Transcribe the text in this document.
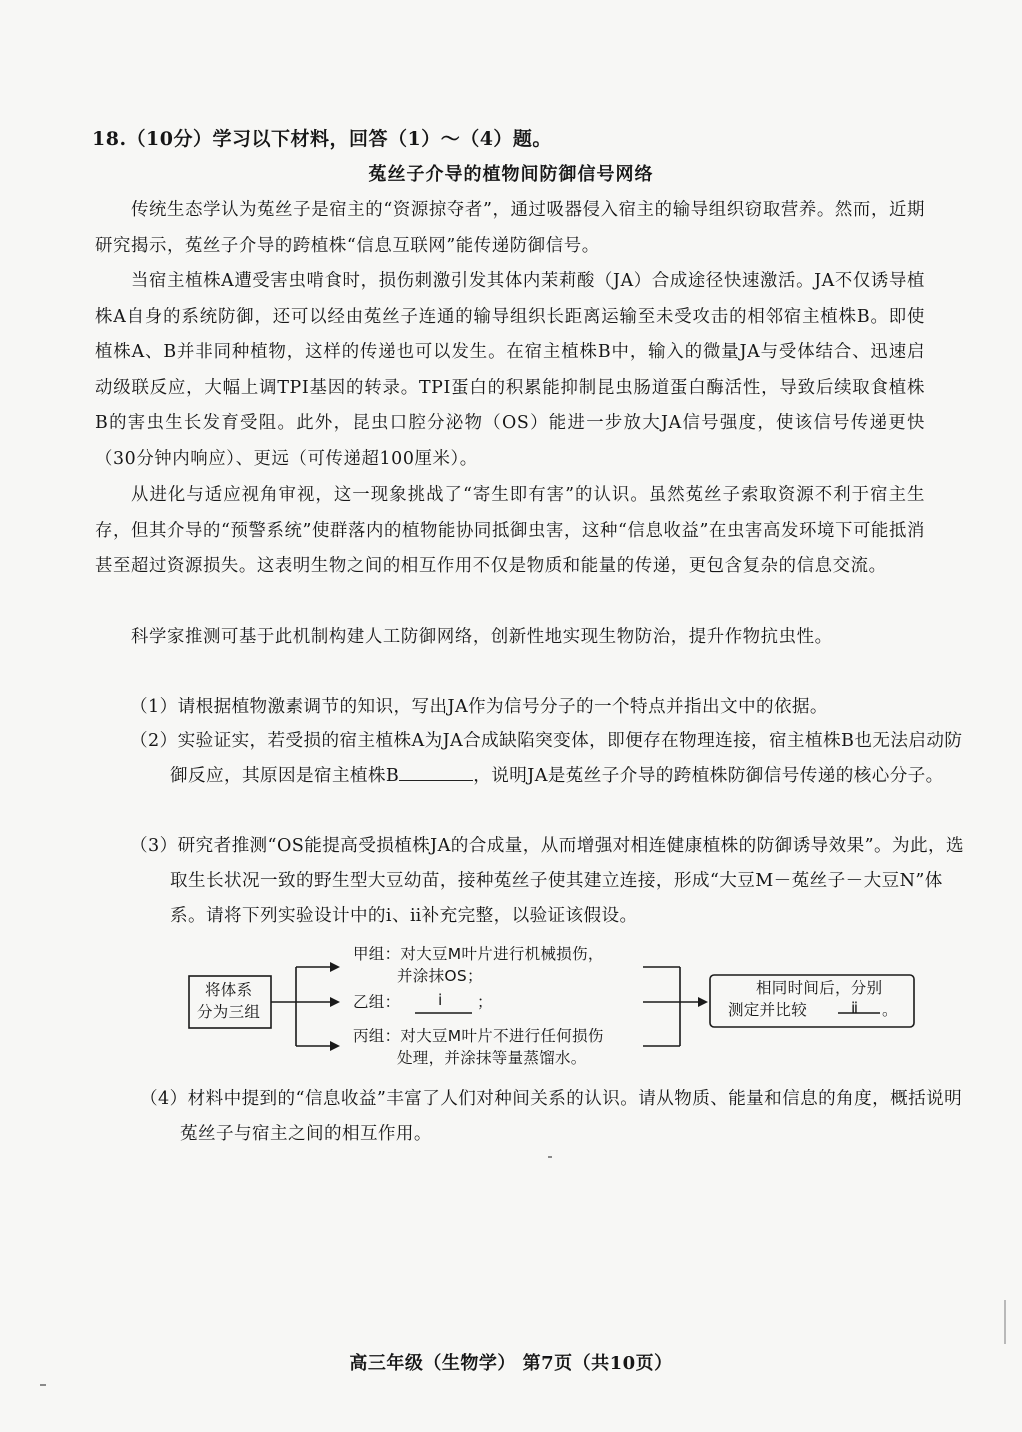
18.（10分）学习以下材料，回答（1）～（4）题。
菟丝子介导的植物间防御信号网络
传统生态学认为菟丝子是宿主的“资源掠夺者”，通过吸器侵入宿主的输导组织窃取营养。然而，近期研究揭示，菟丝子介导的跨植株“信息互联网”能传递防御信号。
当宿主植株A遭受害虫啃食时，损伤刺激引发其体内茉莉酸（JA）合成途径快速激活。JA不仅诱导植株A自身的系统防御，还可以经由菟丝子连通的输导组织长距离运输至未受攻击的相邻宿主植株B。即使植株A、B并非同种植物，这样的传递也可以发生。在宿主植株B中，输入的微量JA与受体结合、迅速启动级联反应，大幅上调TPI基因的转录。TPI蛋白的积累能抑制昆虫肠道蛋白酶活性，导致后续取食植株B的害虫生长发育受阻。此外，昆虫口腔分泌物（OS）能进一步放大JA信号强度，使该信号传递更快（30分钟内响应）、更远（可传递超100厘米）。
从进化与适应视角审视，这一现象挑战了“寄生即有害”的认识。虽然菟丝子索取资源不利于宿主生存，但其介导的“预警系统”使群落内的植物能协同抵御虫害，这种“信息收益”在虫害高发环境下可能抵消甚至超过资源损失。这表明生物之间的相互作用不仅是物质和能量的传递，更包含复杂的信息交流。
科学家推测可基于此机制构建人工防御网络，创新性地实现生物防治，提升作物抗虫性。
（1）请根据植物激素调节的知识，写出JA作为信号分子的一个特点并指出文中的依据。
（2）实验证实，若受损的宿主植株A为JA合成缺陷突变体，即便存在物理连接，宿主植株B也无法启动防御反应，其原因是宿主植株B	，说明JA是菟丝子介导的跨植株防御信号传递的核心分子。
（3）研究者推测“OS能提高受损植株JA的合成量，从而增强对相连健康植株的防御诱导效果”。为此，选取生长状况一致的野生型大豆幼苗，接种菟丝子使其建立连接，形成“大豆M－菟丝子－大豆N”体系。请将下列实验设计中的ⅰ、ⅱ补充完整，以验证该假设。
将体系
分为三组
甲组：对大豆M叶片进行机械损伤，
并涂抹OS；
乙组： ⅰ ；
丙组：对大豆M叶片不进行任何损伤
处理，并涂抹等量蒸馏水。
相同时间后，分别
测定并比较	ⅱ 。
（4）材料中提到的“信息收益”丰富了人们对种间关系的认识。请从物质、能量和信息的角度，概括说明菟丝子与宿主之间的相互作用。
高三年级（生物学） 第7页（共10页）
